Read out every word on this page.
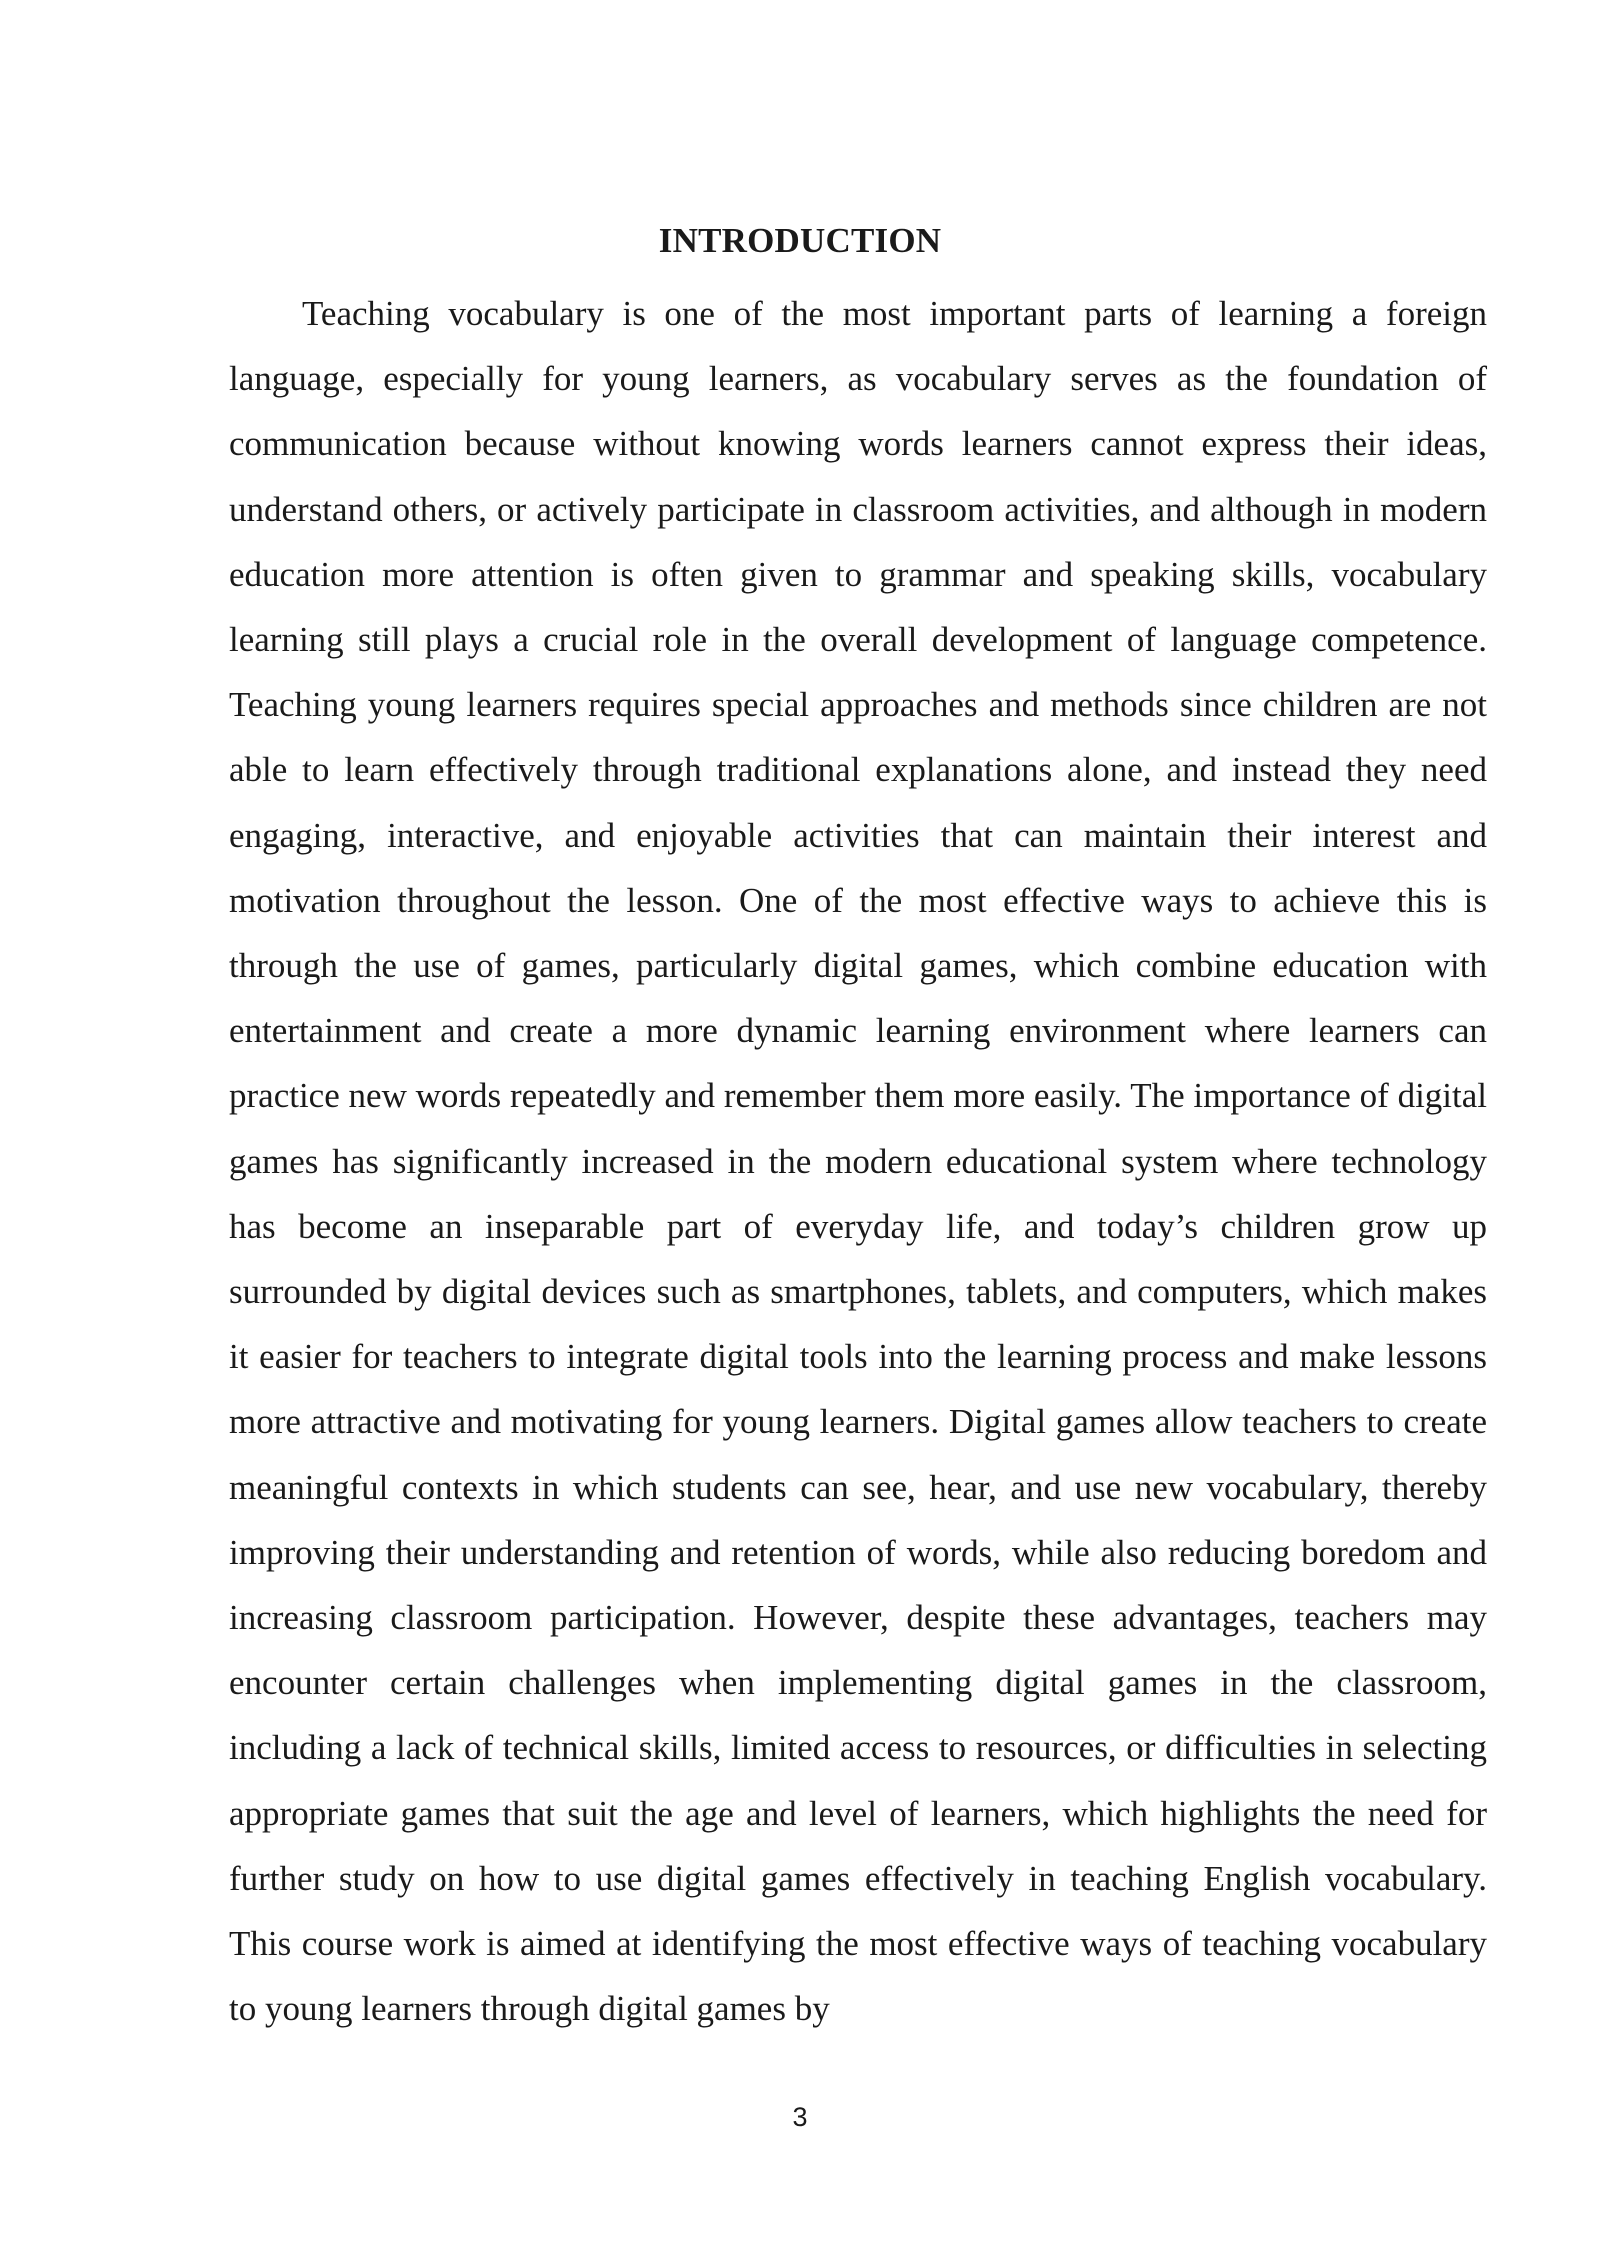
INTRODUCTION

Teaching vocabulary is one of the most important parts of learning a foreign language, especially for young learners, as vocabulary serves as the foundation of communication because without knowing words learners cannot express their ideas, understand others, or actively participate in classroom activities, and although in modern education more attention is often given to grammar and speaking skills, vocabulary learning still plays a crucial role in the overall development of language competence. Teaching young learners requires special approaches and methods since children are not able to learn effectively through traditional explanations alone, and instead they need engaging, interactive, and enjoyable activities that can maintain their interest and motivation throughout the lesson. One of the most effective ways to achieve this is through the use of games, particularly digital games, which combine education with entertainment and create a more dynamic learning environment where learners can practice new words repeatedly and remember them more easily. The importance of digital games has significantly increased in the modern educational system where technology has become an inseparable part of everyday life, and today’s children grow up surrounded by digital devices such as smartphones, tablets, and computers, which makes it easier for teachers to integrate digital tools into the learning process and make lessons more attractive and motivating for young learners. Digital games allow teachers to create meaningful contexts in which students can see, hear, and use new vocabulary, thereby improving their understanding and retention of words, while also reducing boredom and increasing classroom participation. However, despite these advantages, teachers may encounter certain challenges when implementing digital games in the classroom, including a lack of technical skills, limited access to resources, or difficulties in selecting appropriate games that suit the age and level of learners, which highlights the need for further study on how to use digital games effectively in teaching English vocabulary. This course work is aimed at identifying the most effective ways of teaching vocabulary to young learners through digital games by

3
